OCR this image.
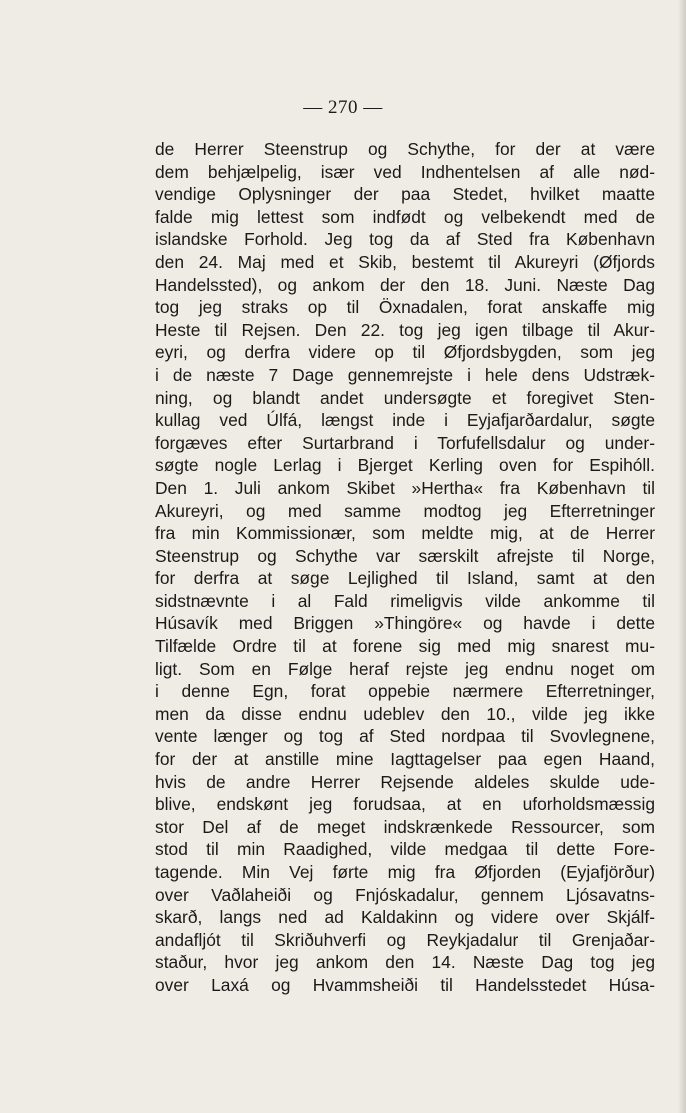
— 270 —
de Herrer Steenstrup og Schythe, for der at være
dem behjælpelig, især ved Indhentelsen af alle nød-
vendige Oplysninger der paa Stedet, hvilket maatte
falde mig lettest som indfødt og velbekendt med de
islandske Forhold. Jeg tog da af Sted fra København
den 24. Maj med et Skib, bestemt til Akureyri (Øfjords
Handelssted), og ankom der den 18. Juni. Næste Dag
tog jeg straks op til Öxnadalen, forat anskaffe mig
Heste til Rejsen. Den 22. tog jeg igen tilbage til Akur-
eyri, og derfra videre op til Øfjordsbygden, som jeg
i de næste 7 Dage gennemrejste i hele dens Udstræk-
ning, og blandt andet undersøgte et foregivet Sten-
kullag ved Úlfá, længst inde i Eyjafjarðardalur, søgte
forgæves efter Surtarbrand i Torfufellsdalur og under-
søgte nogle Lerlag i Bjerget Kerling oven for Espihóll.
Den 1. Juli ankom Skibet »Hertha« fra København til
Akureyri, og med samme modtog jeg Efterretninger
fra min Kommissionær, som meldte mig, at de Herrer
Steenstrup og Schythe var særskilt afrejste til Norge,
for derfra at søge Lejlighed til Island, samt at den
sidstnævnte i al Fald rimeligvis vilde ankomme til
Húsavík med Briggen »Thingöre« og havde i dette
Tilfælde Ordre til at forene sig med mig snarest mu-
ligt. Som en Følge heraf rejste jeg endnu noget om
i denne Egn, forat oppebie nærmere Efterretninger,
men da disse endnu udeblev den 10., vilde jeg ikke
vente længer og tog af Sted nordpaa til Svovlegnene,
for der at anstille mine Iagttagelser paa egen Haand,
hvis de andre Herrer Rejsende aldeles skulde ude-
blive, endskønt jeg forudsaa, at en uforholdsmæssig
stor Del af de meget indskrænkede Ressourcer, som
stod til min Raadighed, vilde medgaa til dette Fore-
tagende. Min Vej førte mig fra Øfjorden (Eyjafjörður)
over Vaðlaheiði og Fnjóskadalur, gennem Ljósavatns-
skarð, langs ned ad Kaldakinn og videre over Skjálf-
andafljót til Skriðuhverfi og Reykjadalur til Grenjaðar-
staður, hvor jeg ankom den 14. Næste Dag tog jeg
over Laxá og Hvammsheiði til Handelsstedet Húsa-
